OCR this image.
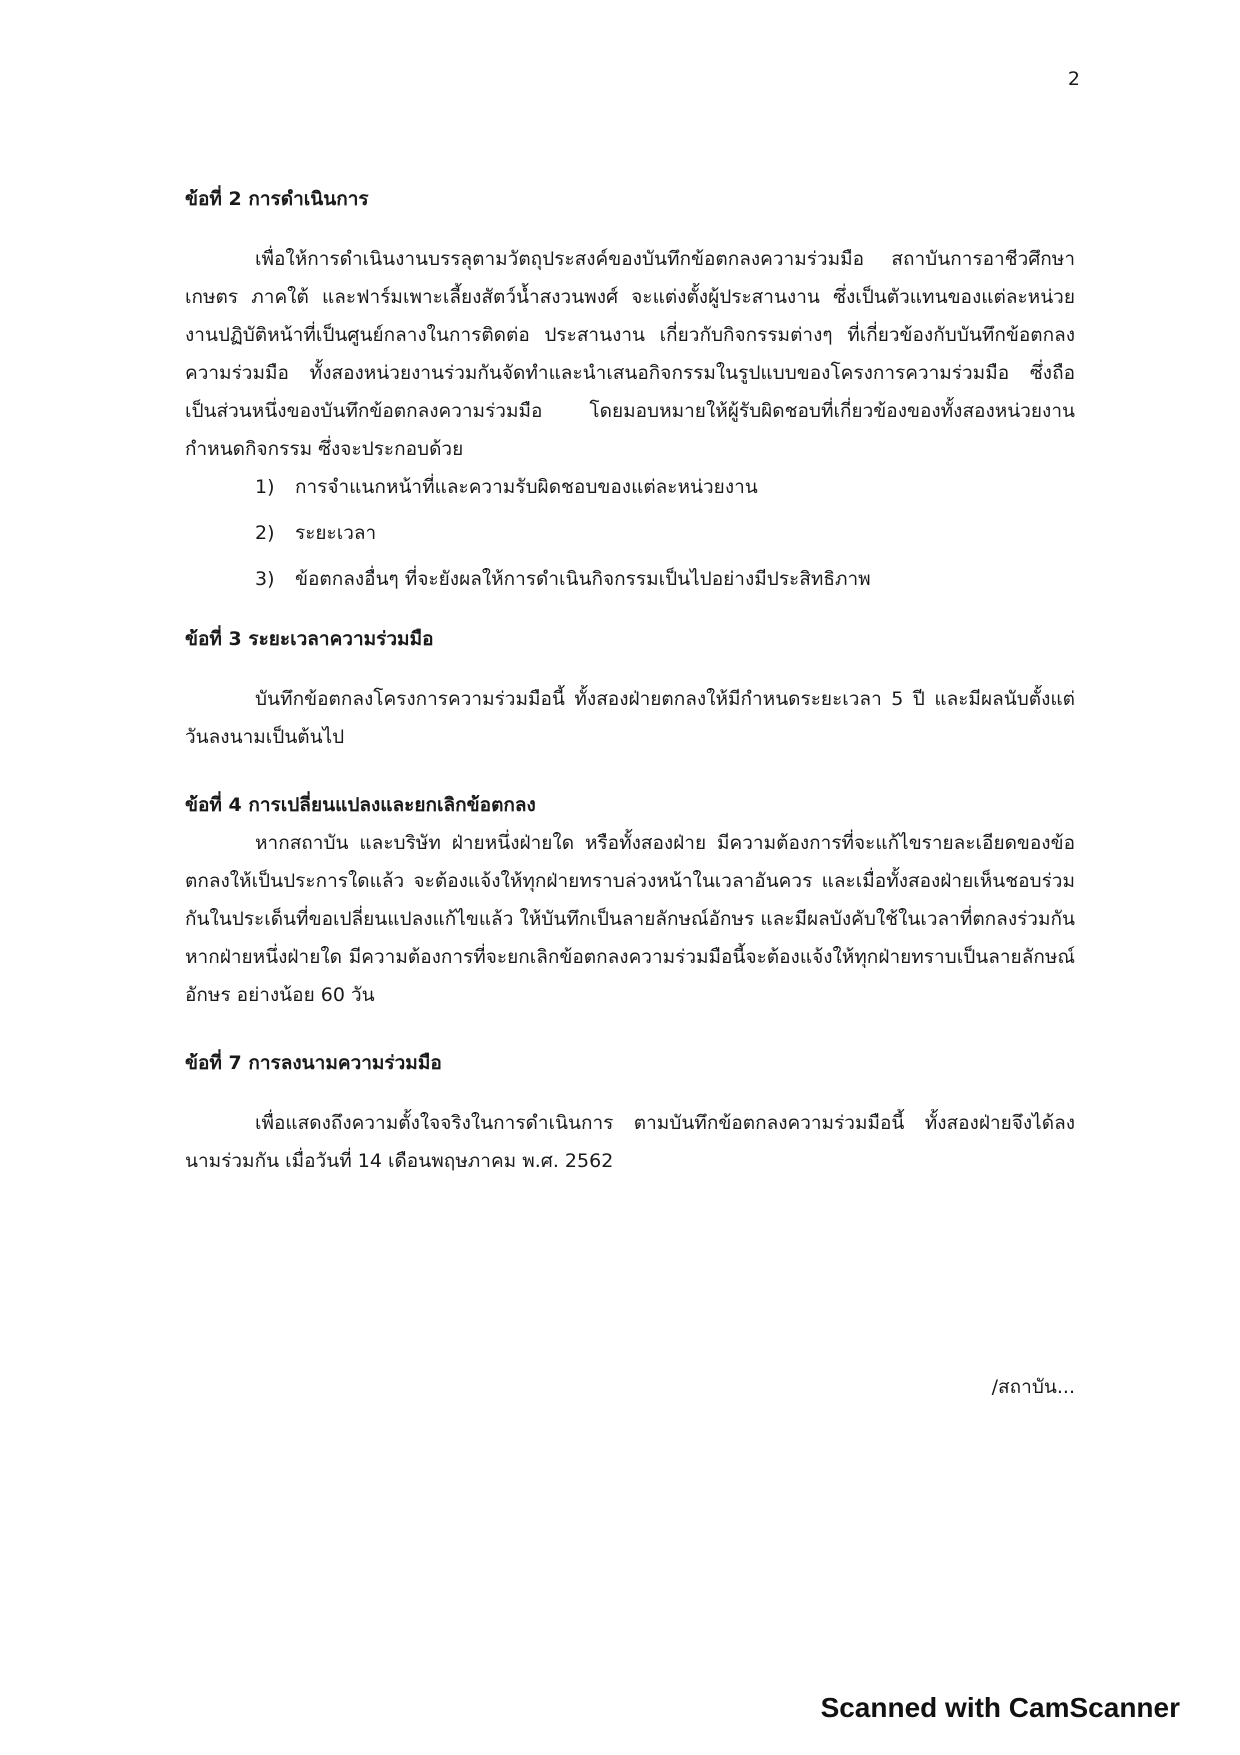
2

ข้อที่ 2 การดำเนินการ

เพื่อให้การดำเนินงานบรรลุตามวัตถุประสงค์ของบันทึกข้อตกลงความร่วมมือ สถาบันการอาชีวศึกษาเกษตร ภาคใต้ และฟาร์มเพาะเลี้ยงสัตว์น้ำสงวนพงศ์ จะแต่งตั้งผู้ประสานงาน ซึ่งเป็นตัวแทนของแต่ละหน่วยงานปฏิบัติหน้าที่เป็นศูนย์กลางในการติดต่อ ประสานงาน เกี่ยวกับกิจกรรมต่างๆ ที่เกี่ยวข้องกับบันทึกข้อตกลงความร่วมมือ ทั้งสองหน่วยงานร่วมกันจัดทำและนำเสนอกิจกรรมในรูปแบบของโครงการความร่วมมือ ซึ่งถือเป็นส่วนหนึ่งของบันทึกข้อตกลงความร่วมมือ โดยมอบหมายให้ผู้รับผิดชอบที่เกี่ยวข้องของทั้งสองหน่วยงานกำหนดกิจกรรม ซึ่งจะประกอบด้วย

1) การจำแนกหน้าที่และความรับผิดชอบของแต่ละหน่วยงาน
2) ระยะเวลา
3) ข้อตกลงอื่นๆ ที่จะยังผลให้การดำเนินกิจกรรมเป็นไปอย่างมีประสิทธิภาพ

ข้อที่ 3 ระยะเวลาความร่วมมือ

บันทึกข้อตกลงโครงการความร่วมมือนี้ ทั้งสองฝ่ายตกลงให้มีกำหนดระยะเวลา 5 ปี และมีผลนับตั้งแต่วันลงนามเป็นต้นไป

ข้อที่ 4 การเปลี่ยนแปลงและยกเลิกข้อตกลง

หากสถาบัน และบริษัท ฝ่ายหนึ่งฝ่ายใด หรือทั้งสองฝ่าย มีความต้องการที่จะแก้ไขรายละเอียดของข้อตกลงให้เป็นประการใดแล้ว จะต้องแจ้งให้ทุกฝ่ายทราบล่วงหน้าในเวลาอันควร และเมื่อทั้งสองฝ่ายเห็นชอบร่วมกันในประเด็นที่ขอเปลี่ยนแปลงแก้ไขแล้ว ให้บันทึกเป็นลายลักษณ์อักษร และมีผลบังคับใช้ในเวลาที่ตกลงร่วมกัน หากฝ่ายหนึ่งฝ่ายใด มีความต้องการที่จะยกเลิกข้อตกลงความร่วมมือนี้จะต้องแจ้งให้ทุกฝ่ายทราบเป็นลายลักษณ์อักษร อย่างน้อย 60 วัน

ข้อที่ 7 การลงนามความร่วมมือ

เพื่อแสดงถึงความตั้งใจจริงในการดำเนินการ ตามบันทึกข้อตกลงความร่วมมือนี้ ทั้งสองฝ่ายจึงได้ลงนามร่วมกัน เมื่อวันที่ 14 เดือนพฤษภาคม พ.ศ. 2562

/สถาบัน...
Scanned with CamScanner
